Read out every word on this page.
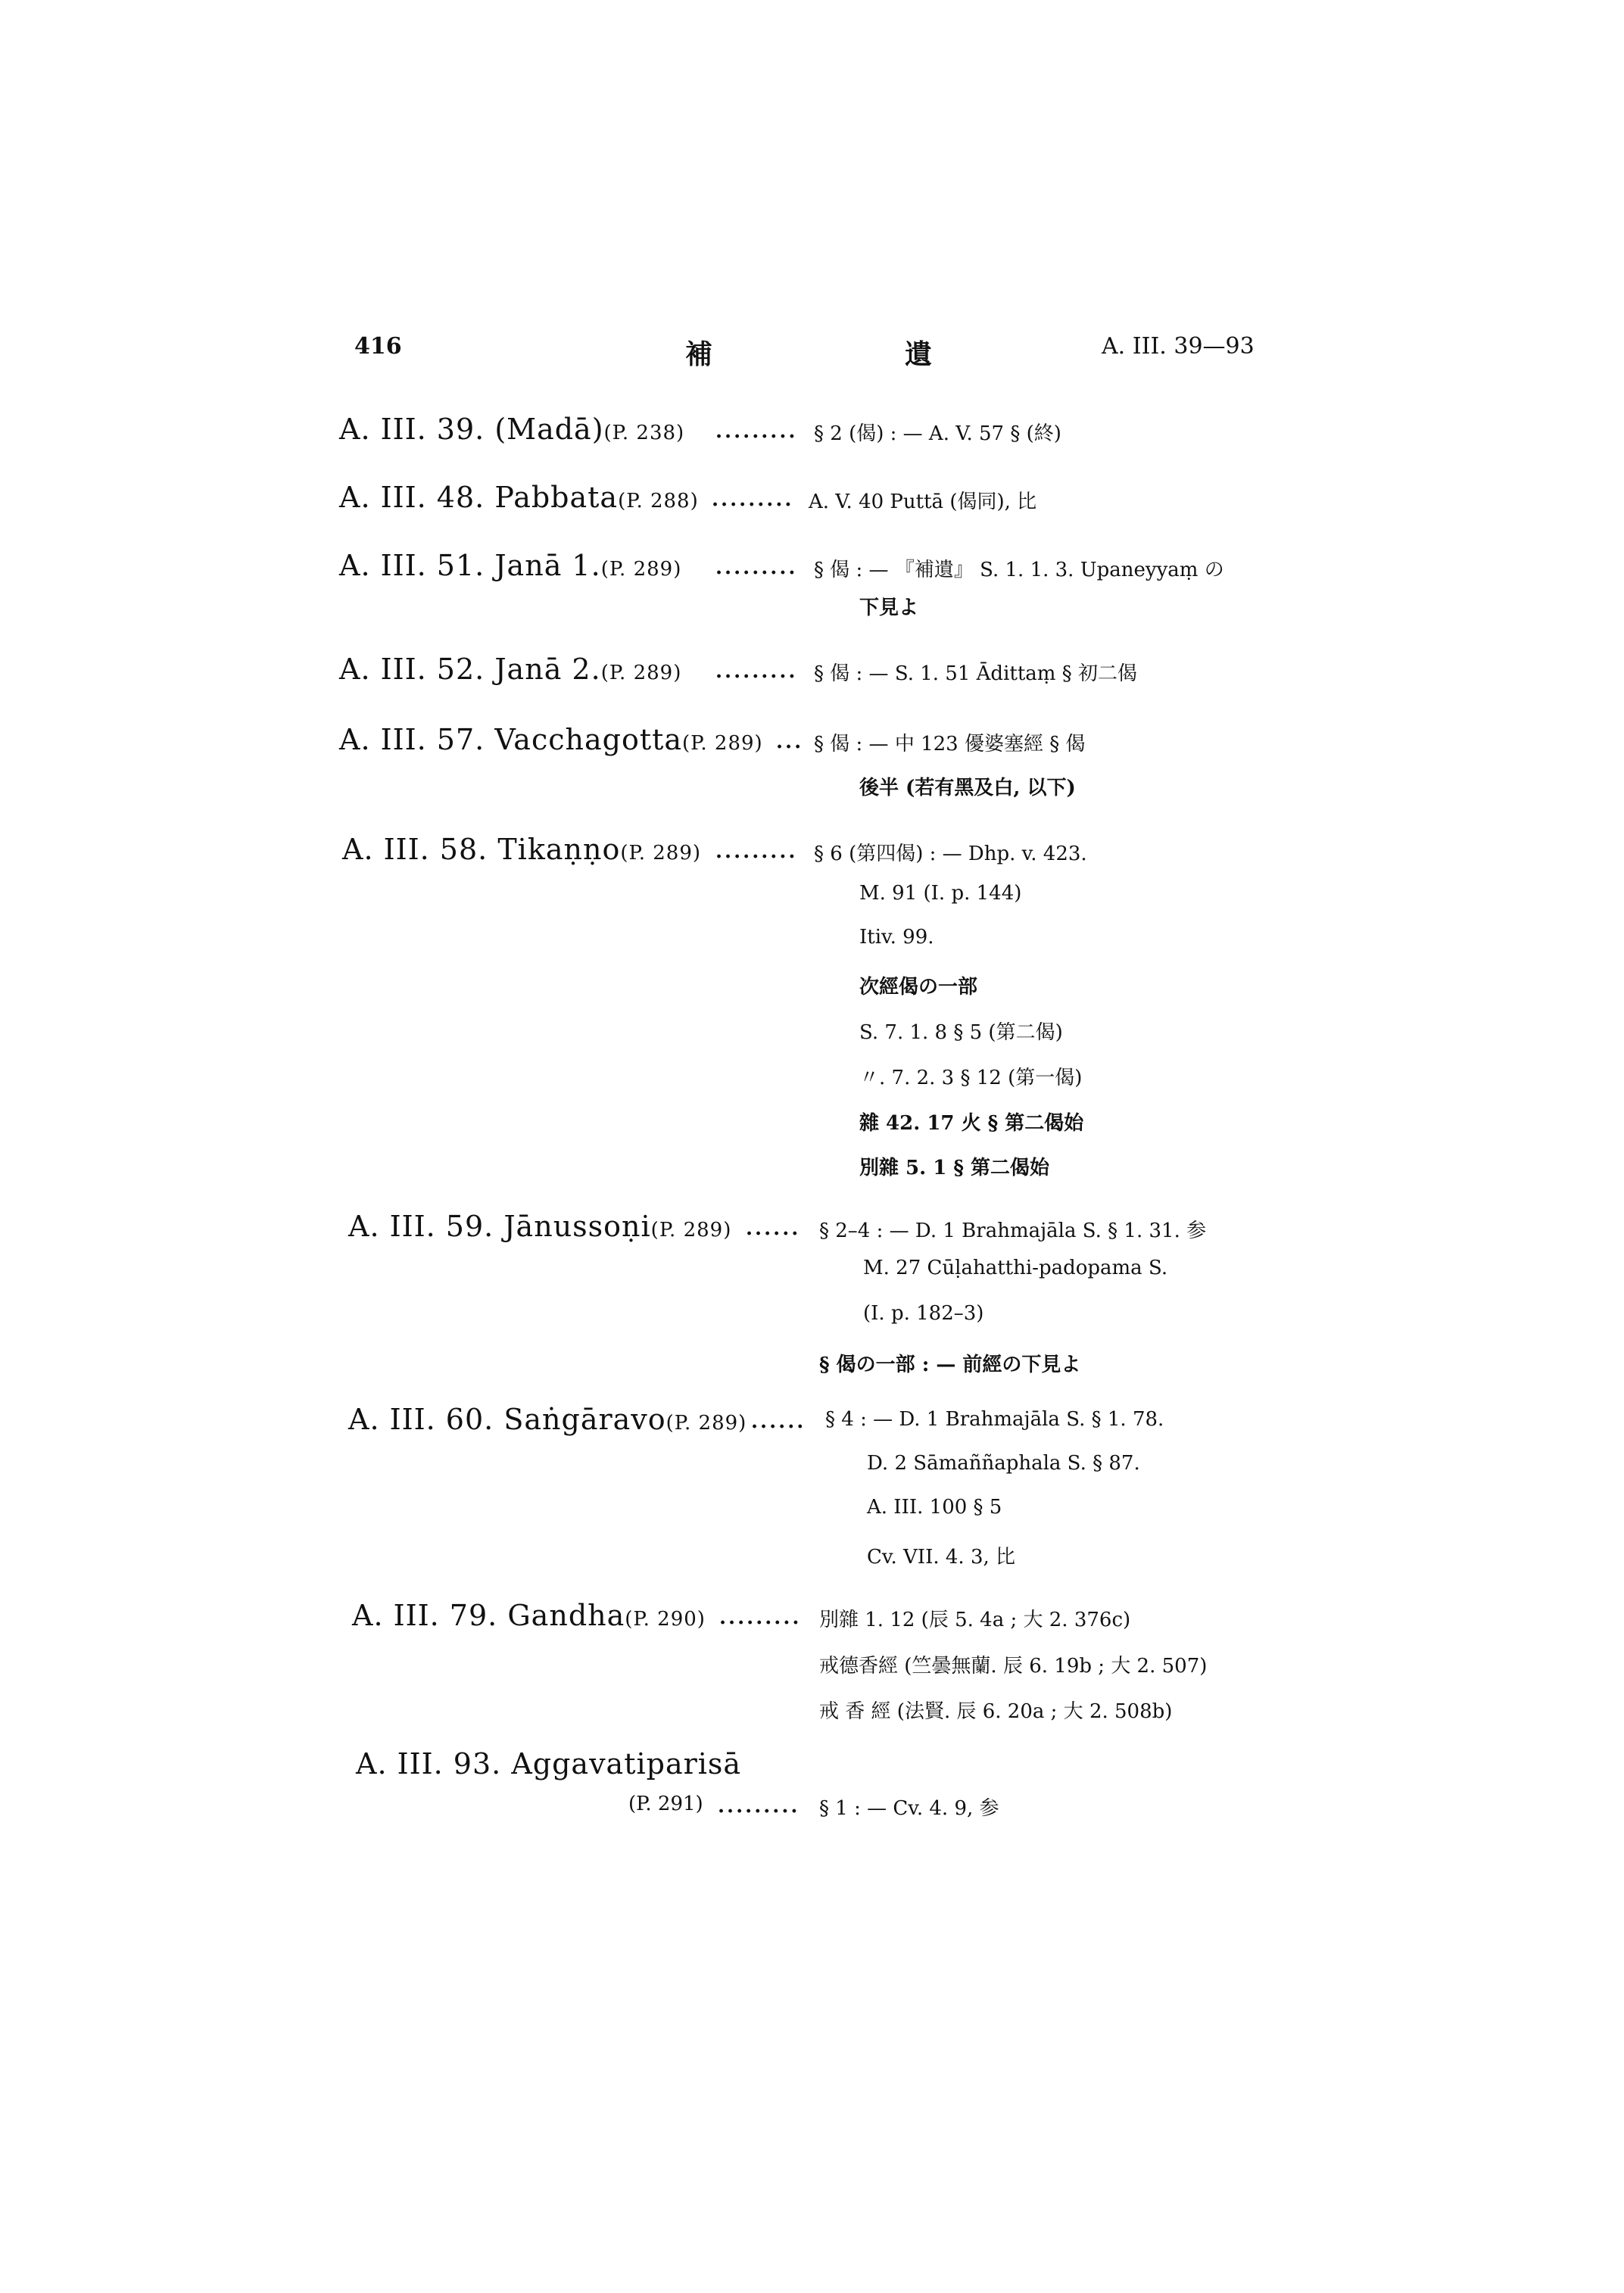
416	補	遺	A. III. 39—93
A. III. 39. (Madā)(P. 238) ......... § 2 (偈) : — A. V. 57 § (終)
A. III. 48. Pabbata(P. 288) ......... A. V. 40 Puttā (偈同), 比
A. III. 51. Janā 1.(P. 289) ......... § 偈 : — 『補遺』 S. 1. 1. 3. Upaneyyaṃ の
下見よ
A. III. 52. Janā 2.(P. 289) ......... § 偈 : — S. 1. 51 Ādittaṃ § 初二偈
A. III. 57. Vacchagotta(P. 289) ... § 偈 : — 中 123 優婆塞經 § 偈
後半 (若有黑及白, 以下)
A. III. 58. Tikaṇṇo(P. 289) ......... § 6 (第四偈) : — Dhp. v. 423.
M. 91 (I. p. 144)
Itiv. 99.
次經偈の一部
S. 7. 1. 8 § 5 (第二偈)
〃. 7. 2. 3 § 12 (第一偈)
雜 42. 17 火 § 第二偈始
別雜 5. 1 § 第二偈始
A. III. 59. Jānussoṇi(P. 289) ...... § 2–4 : — D. 1 Brahmajāla S. § 1. 31. 参
M. 27 Cūḷahatthi-padopama S.
(I. p. 182–3)
§ 偈の一部 : — 前經の下見よ
A. III. 60. Saṅgāravo(P. 289) ...... § 4 : — D. 1 Brahmajāla S. § 1. 78.
D. 2 Sāmaññaphala S. § 87.
A. III. 100 § 5
Cv. VII. 4. 3, 比
A. III. 79. Gandha(P. 290) ......... 別雜 1. 12 (辰 5. 4a ; 大 2. 376c)
戒德香經 (竺曇無蘭. 辰 6. 19b ; 大 2. 507)
戒 香 經 (法賢. 辰 6. 20a ; 大 2. 508b)
A. III. 93. Aggavatiparisā
(P. 291) ......... § 1 : — Cv. 4. 9, 参
